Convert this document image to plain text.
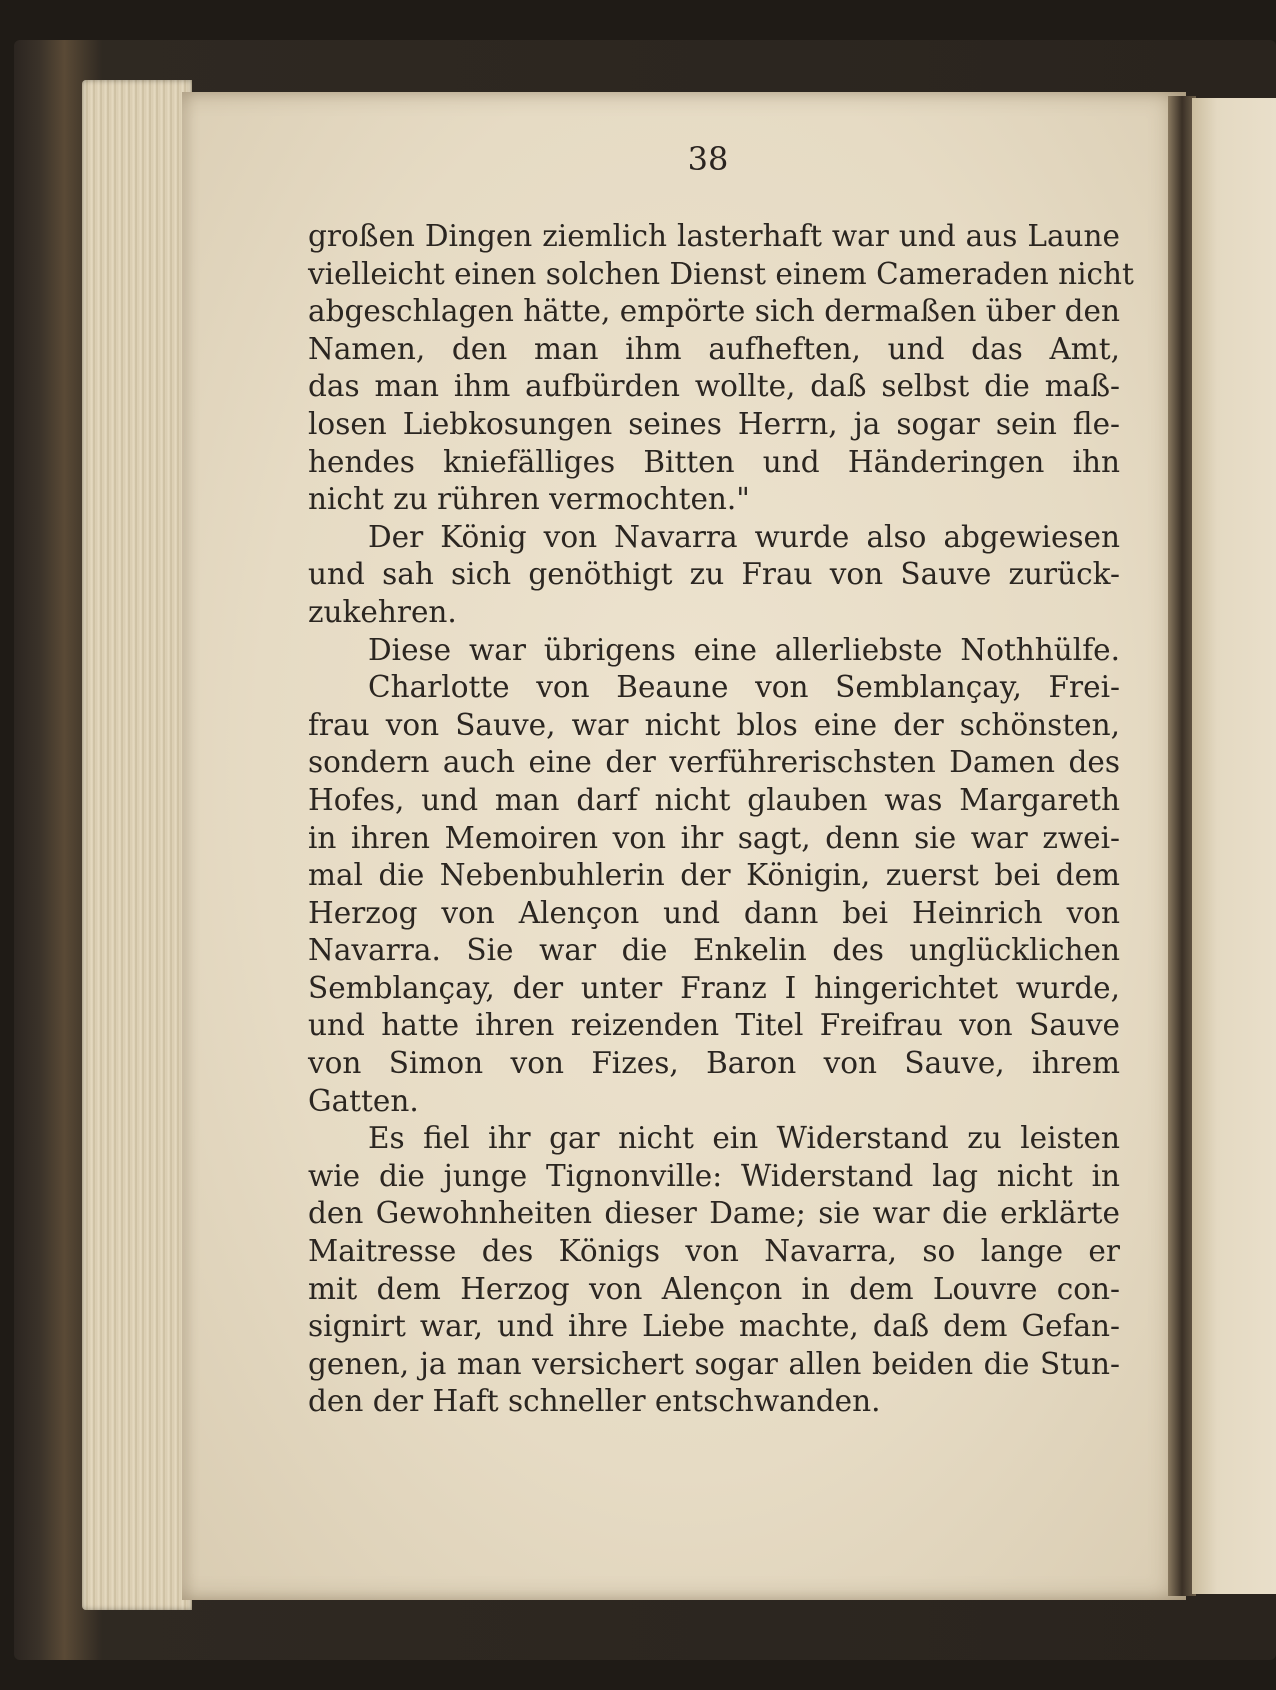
38

großen Dingen ziemlich lasterhaft war und aus Laune
vielleicht einen solchen Dienst einem Cameraden nicht
abgeschlagen hätte, empörte sich dermaßen über den
Namen, den man ihm aufheften, und das Amt,
das man ihm aufbürden wollte, daß selbst die maß-
losen Liebkosungen seines Herrn, ja sogar sein fle-
hendes kniefälliges Bitten und Händeringen ihn
nicht zu rühren vermochten."
Der König von Navarra wurde also abgewiesen
und sah sich genöthigt zu Frau von Sauve zurück-
zukehren.
Diese war übrigens eine allerliebste Nothhülfe.
Charlotte von Beaune von Semblançay, Frei-
frau von Sauve, war nicht blos eine der schönsten,
sondern auch eine der verführerischsten Damen des
Hofes, und man darf nicht glauben was Margareth
in ihren Memoiren von ihr sagt, denn sie war zwei-
mal die Nebenbuhlerin der Königin, zuerst bei dem
Herzog von Alençon und dann bei Heinrich von
Navarra. Sie war die Enkelin des unglücklichen
Semblançay, der unter Franz I hingerichtet wurde,
und hatte ihren reizenden Titel Freifrau von Sauve
von Simon von Fizes, Baron von Sauve, ihrem
Gatten.
Es fiel ihr gar nicht ein Widerstand zu leisten
wie die junge Tignonville: Widerstand lag nicht in
den Gewohnheiten dieser Dame; sie war die erklärte
Maitresse des Königs von Navarra, so lange er
mit dem Herzog von Alençon in dem Louvre con-
signirt war, und ihre Liebe machte, daß dem Gefan-
genen, ja man versichert sogar allen beiden die Stun-
den der Haft schneller entschwanden.
